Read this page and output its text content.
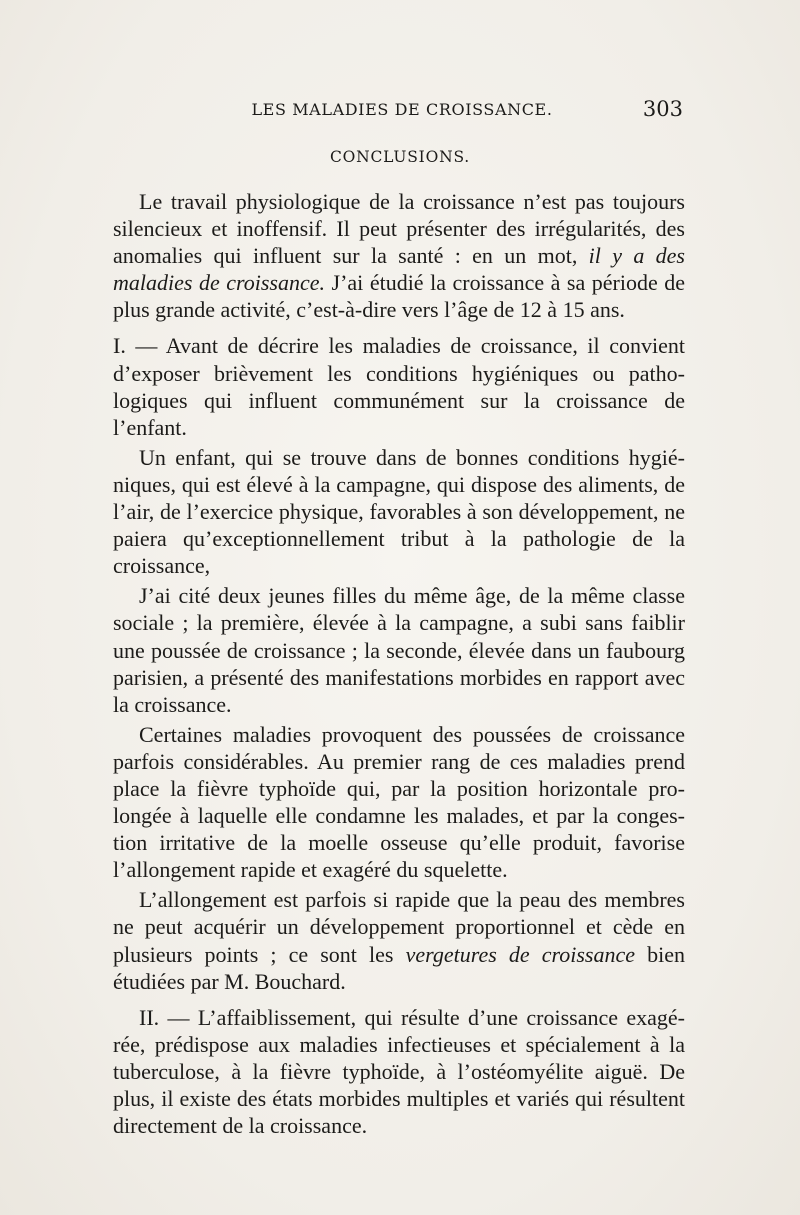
LES MALADIES DE CROISSANCE.	303
CONCLUSIONS.

Le travail physiologique de la croissance n’est pas toujours silencieux et inoffensif. Il peut présenter des irrégularités, des anomalies qui influent sur la santé : en un mot, il y a des maladies de croissance. J’ai étudié la croissance à sa période de plus grande activité, c’est-à-dire vers l’âge de 12 à 15 ans.

I. — Avant de décrire les maladies de croissance, il convient d’exposer brièvement les conditions hygiéniques ou pathologiques qui influent communément sur la croissance de l’enfant.

Un enfant, qui se trouve dans de bonnes conditions hygiéniques, qui est élevé à la campagne, qui dispose des aliments, de l’air, de l’exercice physique, favorables à son développement, ne paiera qu’exceptionnellement tribut à la pathologie de la croissance,

J’ai cité deux jeunes filles du même âge, de la même classe sociale ; la première, élevée à la campagne, a subi sans faiblir une poussée de croissance ; la seconde, élevée dans un faubourg parisien, a présenté des manifestations morbides en rapport avec la croissance.

Certaines maladies provoquent des poussées de croissance parfois considérables. Au premier rang de ces maladies prend place la fièvre typhoïde qui, par la position horizontale prolongée à laquelle elle condamne les malades, et par la congestion irritative de la moelle osseuse qu’elle produit, favorise l’allongement rapide et exagéré du squelette.

L’allongement est parfois si rapide que la peau des membres ne peut acquérir un développement proportionnel et cède en plusieurs points ; ce sont les vergetures de croissance bien étudiées par M. Bouchard.

II. — L’affaiblissement, qui résulte d’une croissance exagérée, prédispose aux maladies infectieuses et spécialement à la tuberculose, à la fièvre typhoïde, à l’ostéomyélite aiguë. De plus, il existe des états morbides multiples et variés qui résultent directement de la croissance.
